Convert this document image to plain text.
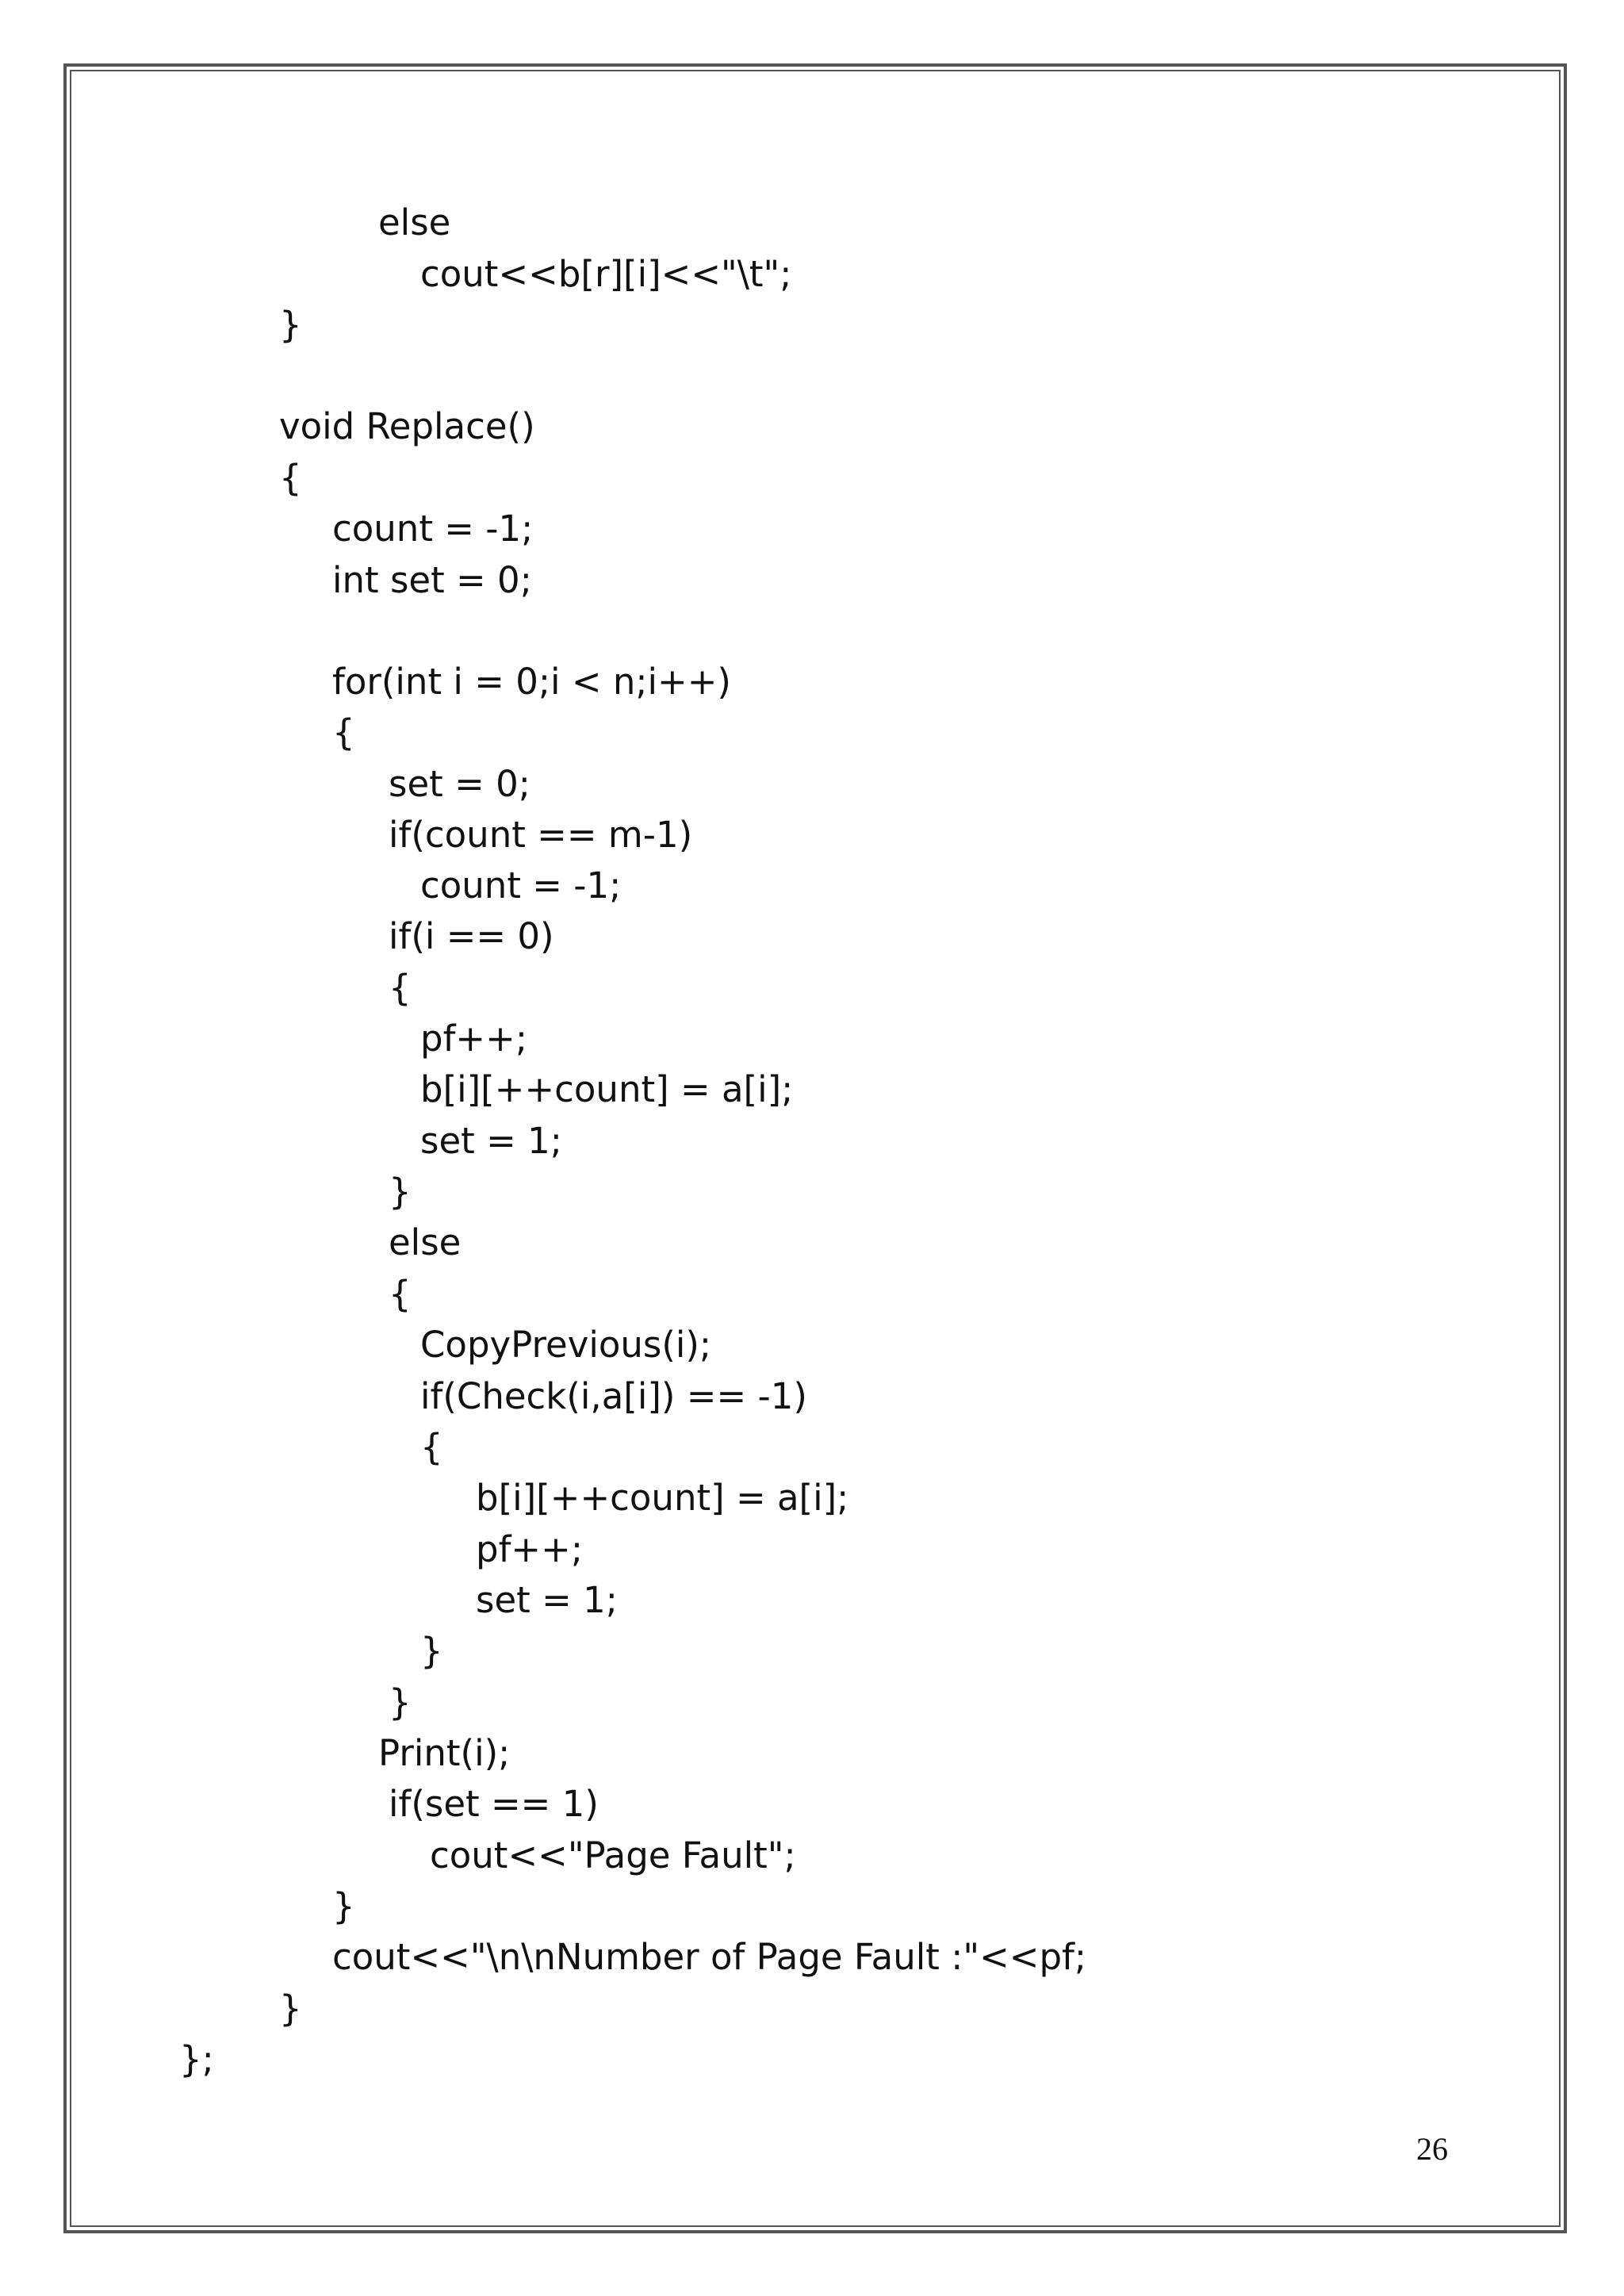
else
cout<<b[r][i]<<"\t";
}
void Replace()
{
count = -1;
int set = 0;
for(int i = 0;i < n;i++)
{
set = 0;
if(count == m-1)
count = -1;
if(i == 0)
{
pf++;
b[i][++count] = a[i];
set = 1;
}
else
{
CopyPrevious(i);
if(Check(i,a[i]) == -1)
{
b[i][++count] = a[i];
pf++;
set = 1;
}
}
Print(i);
if(set == 1)
cout<<"Page Fault";
}
cout<<"\n\nNumber of Page Fault :"<<pf;
}
};
26
